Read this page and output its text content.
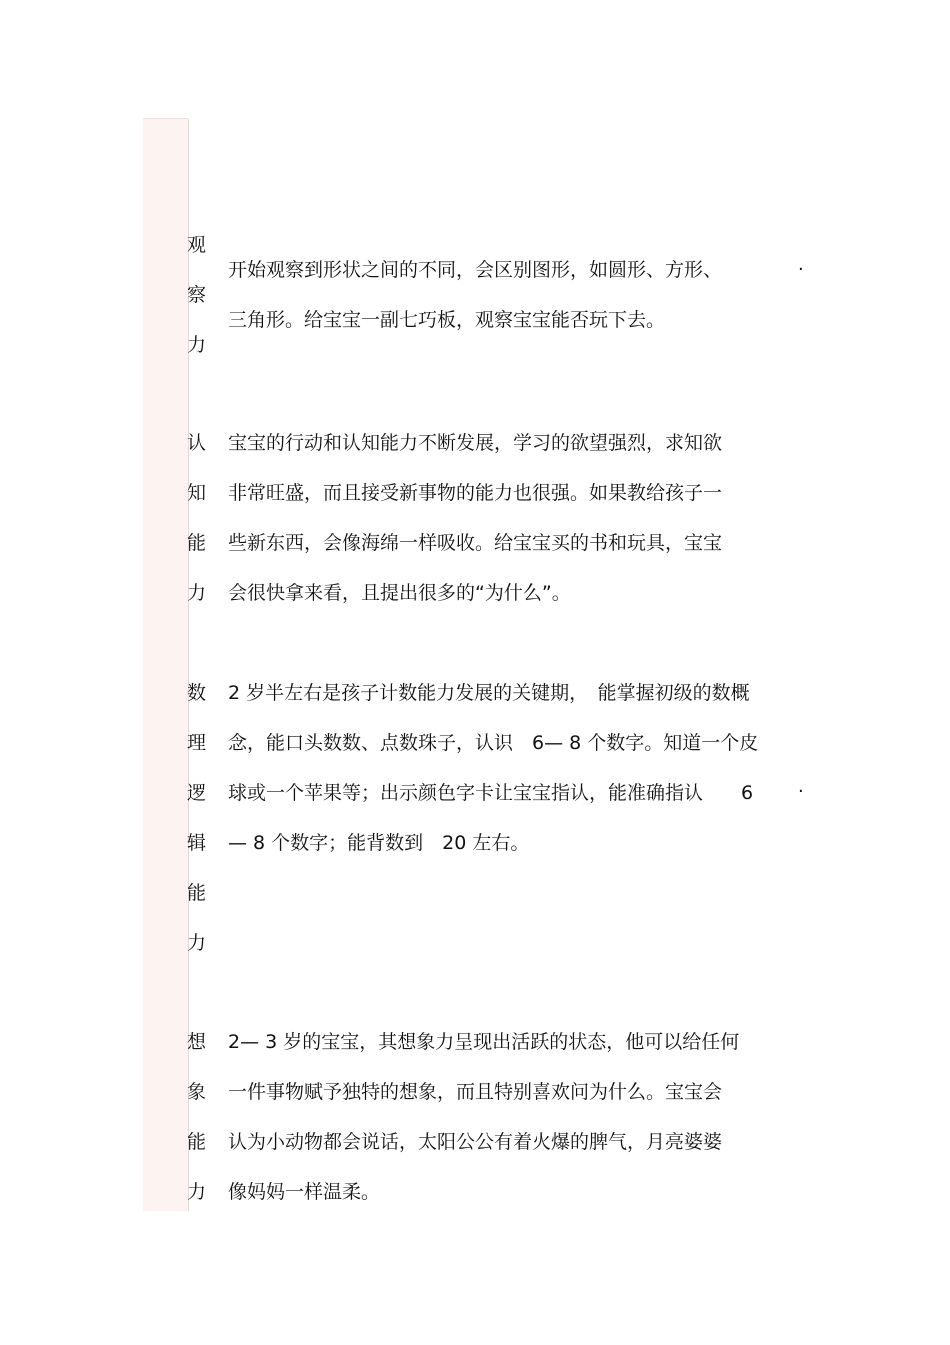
观
察
力
开始观察到形状之间的不同，会区别图形，如圆形、方形、
三角形。给宝宝一副七巧板，观察宝宝能否玩下去。
·
认
知
能
力
宝宝的行动和认知能力不断发展，学习的欲望强烈，求知欲
非常旺盛，而且接受新事物的能力也很强。如果教给孩子一
些新东西，会像海绵一样吸收。给宝宝买的书和玩具，宝宝
会很快拿来看，且提出很多的“为什么”。
数
理
逻
辑
能
力
2 岁半左右是孩子计数能力发展的关键期，　能掌握初级的数概
念，能口头数数、点数珠子，认识　6— 8 个数字。知道一个皮
球或一个苹果等；出示颜色字卡让宝宝指认，能准确指认　　6
— 8 个数字；能背数到　20 左右。
·
想
象
能
力
2— 3 岁的宝宝，其想象力呈现出活跃的状态，他可以给任何
一件事物赋予独特的想象，而且特别喜欢问为什么。宝宝会
认为小动物都会说话，太阳公公有着火爆的脾气，月亮婆婆
像妈妈一样温柔。
